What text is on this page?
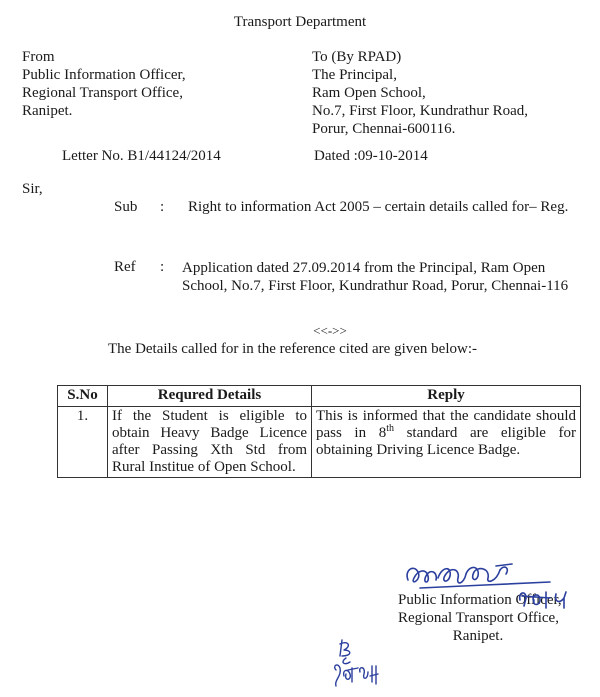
Transport Department
From
Public Information Officer,
Regional Transport Office,
Ranipet.
To (By RPAD)
The Principal,
Ram Open School,
No.7, First Floor, Kundrathur Road,
Porur, Chennai-600116.
Letter No. B1/44124/2014	Dated :09-10-2014
Sir,
Sub : Right to information Act 2005 – certain details called for– Reg.
Ref : Application dated 27.09.2014 from the Principal, Ram Open
School, No.7, First Floor, Kundrathur Road, Porur, Chennai-116
<<->>
The Details called for in the reference cited are given below:-
S.No	Requred Details	Reply
1.	If the Student is eligible to obtain Heavy Badge Licence after Passing Xth Std from Rural Institue of Open School.	This is informed that the candidate should pass in 8th standard are eligible for obtaining Driving Licence Badge.
Public Information Officer,
Regional Transport Office,
Ranipet.
